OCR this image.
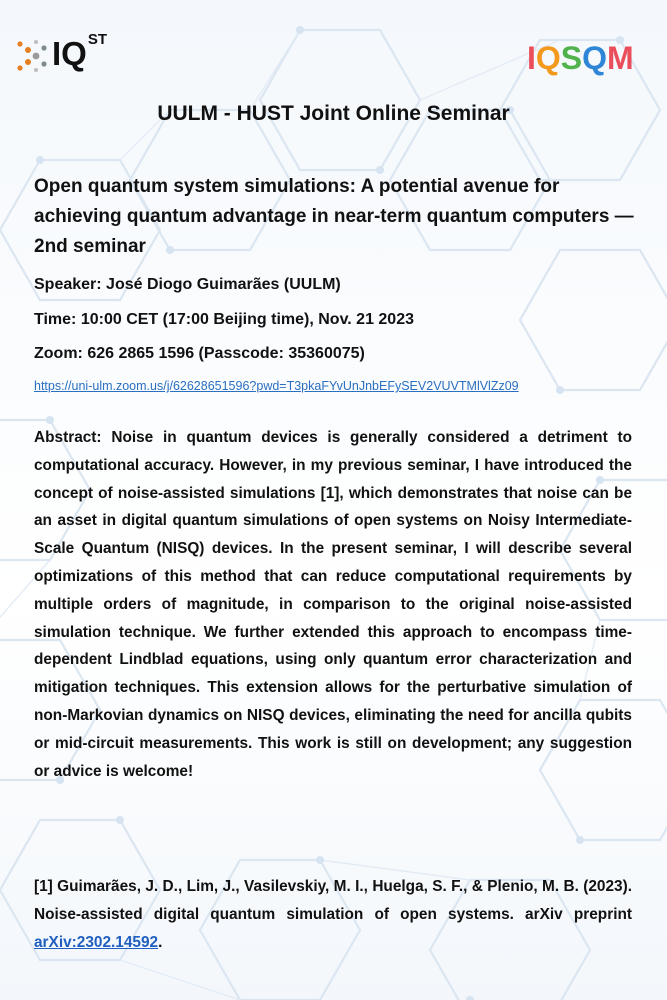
$IQ^{ST}$
IQSQM
UULM - HUST Joint Online Seminar
Open quantum system simulations: A potential avenue for achieving quantum advantage in near-term quantum computers — 2nd seminar
Speaker: José Diogo Guimarães (UULM)
Time: 10:00 CET (17:00 Beijing time), Nov. 21 2023
Zoom: 626 2865 1596 (Passcode: 35360075)
https://uni-ulm.zoom.us/j/62628651596?pwd=T3pkaFYvUnJnbEFySEV2VUVTMlVlZz09
Abstract: Noise in quantum devices is generally considered a detriment to computational accuracy. However, in my previous seminar, I have introduced the concept of noise-assisted simulations [1], which demonstrates that noise can be an asset in digital quantum simulations of open systems on Noisy Intermediate-Scale Quantum (NISQ) devices. In the present seminar, I will describe several optimizations of this method that can reduce computational requirements by multiple orders of magnitude, in comparison to the original noise-assisted simulation technique. We further extended this approach to encompass time-dependent Lindblad equations, using only quantum error characterization and mitigation techniques. This extension allows for the perturbative simulation of non-Markovian dynamics on NISQ devices, eliminating the need for ancilla qubits or mid-circuit measurements. This work is still on development; any suggestion or advice is welcome!
[1] Guimarães, J. D., Lim, J., Vasilevskiy, M. I., Huelga, S. F., & Plenio, M. B. (2023). Noise-assisted digital quantum simulation of open systems. arXiv preprint arXiv:2302.14592.
